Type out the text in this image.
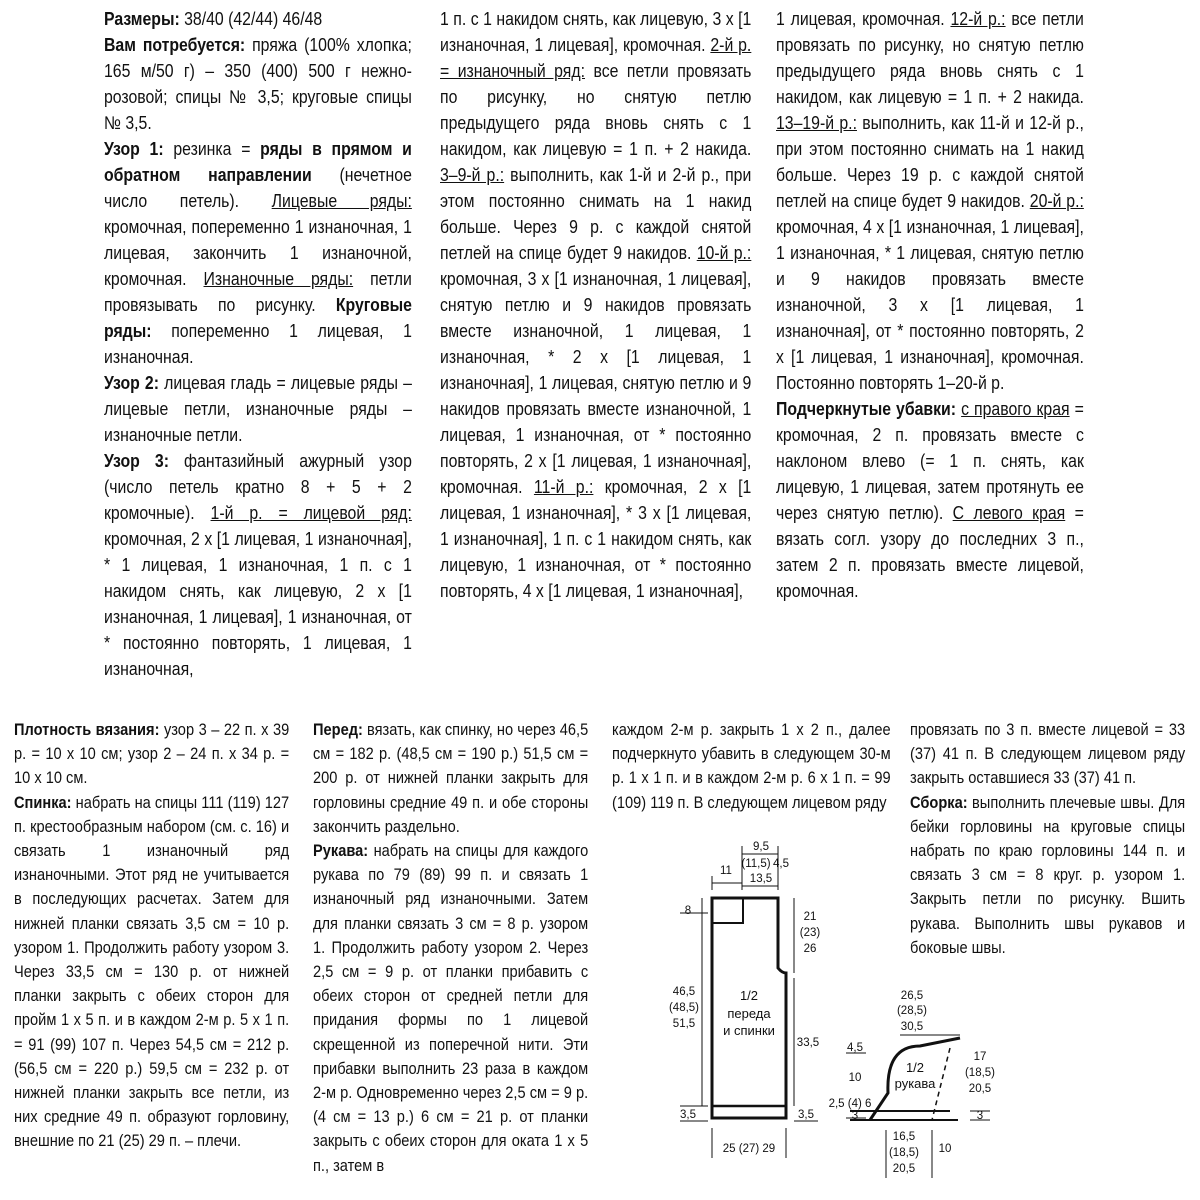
Размеры: 38/40 (42/44) 46/48

Вам потребуется: пряжа (100% хлопка; 165 м/50 г) – 350 (400) 500 г нежно-розовой; спицы № 3,5; круговые спицы № 3,5.

Узор 1: резинка = ряды в прямом и обратном направлении (нечетное число петель). Лицевые ряды: кромочная, попеременно 1 изнаночная, 1 лицевая, закончить 1 изнаночной, кромочная. Изнаночные ряды: петли провязывать по рисунку. Круговые ряды: попеременно 1 лицевая, 1 изнаночная.

Узор 2: лицевая гладь = лицевые ряды – лицевые петли, изнаночные ряды – изнаночные петли.

Узор 3: фантазийный ажурный узор (число петель кратно 8 + 5 + 2 кромочные). 1-й р. = лицевой ряд: кромочная, 2 х [1 лицевая, 1 изнаночная], * 1 лицевая, 1 изнаночная, 1 п. с 1 накидом снять, как лицевую, 2 х [1 изнаночная, 1 лицевая], 1 изнаночная, от * постоянно повторять, 1 лицевая, 1 изнаночная,

1 п. с 1 накидом снять, как лицевую, 3 х [1 изнаночная, 1 лицевая], кромочная. 2-й р. = изнаночный ряд: все петли провязать по рисунку, но снятую петлю предыдущего ряда вновь снять с 1 накидом, как лицевую = 1 п. + 2 накида. 3–9-й р.: выполнить, как 1-й и 2-й р., при этом постоянно снимать на 1 накид больше. Через 9 р. с каждой снятой петлей на спице будет 9 накидов. 10-й р.: кромочная, 3 х [1 изнаночная, 1 лицевая], снятую петлю и 9 накидов провязать вместе изнаночной, 1 лицевая, 1 изнаночная, * 2 х [1 лицевая, 1 изнаночная], 1 лицевая, снятую петлю и 9 накидов провязать вместе изнаночной, 1 лицевая, 1 изнаночная, от * постоянно повторять, 2 х [1 лицевая, 1 изнаночная], кромочная. 11-й р.: кромочная, 2 х [1 лицевая, 1 изнаночная], * 3 х [1 лицевая, 1 изнаночная], 1 п. с 1 накидом снять, как лицевую, 1 изнаночная, от * постоянно повторять, 4 х [1 лицевая, 1 изнаночная],

1 лицевая, кромочная. 12-й р.: все петли провязать по рисунку, но снятую петлю предыдущего ряда вновь снять с 1 накидом, как лицевую = 1 п. + 2 накида. 13–19-й р.: выполнить, как 11-й и 12-й р., при этом постоянно снимать на 1 накид больше. Через 19 р. с каждой снятой петлей на спице будет 9 накидов. 20-й р.: кромочная, 4 х [1 изнаночная, 1 лицевая], 1 изнаночная, * 1 лицевая, снятую петлю и 9 накидов провязать вместе изнаночной, 3 х [1 лицевая, 1 изнаночная], от * постоянно повторять, 2 х [1 лицевая, 1 изнаночная], кромочная. Постоянно повторять 1–20-й р.

Подчеркнутые убавки: с правого края = кромочная, 2 п. провязать вместе с наклоном влево (= 1 п. снять, как лицевую, 1 лицевая, затем протянуть ее через снятую петлю). С левого края = вязать согл. узору до последних 3 п., затем 2 п. провязать вместе лицевой, кромочная.

Плотность вязания: узор 3 – 22 п. х 39 р. = 10 х 10 см; узор 2 – 24 п. х 34 р. = 10 х 10 см.

Спинка: набрать на спицы 111 (119) 127 п. крестообразным набором (см. с. 16) и связать 1 изнаночный ряд изнаночными. Этот ряд не учитывается в последующих расчетах. Затем для нижней планки связать 3,5 см = 10 р. узором 1. Продолжить работу узором 3. Через 33,5 см = 130 р. от нижней планки закрыть с обеих сторон для пройм 1 х 5 п. и в каждом 2-м р. 5 х 1 п. = 91 (99) 107 п. Через 54,5 см = 212 р. (56,5 см = 220 р.) 59,5 см = 232 р. от нижней планки закрыть все петли, из них средние 49 п. образуют горловину, внешние по 21 (25) 29 п. – плечи.

Перед: вязать, как спинку, но через 46,5 см = 182 р. (48,5 см = 190 р.) 51,5 см = 200 р. от нижней планки закрыть для горловины средние 49 п. и обе стороны закончить раздельно.

Рукава: набрать на спицы для каждого рукава по 79 (89) 99 п. и связать 1 изнаночный ряд изнаночными. Затем для планки связать 3 см = 8 р. узором 1. Продолжить работу узором 2. Через 2,5 см = 9 р. от планки прибавить с обеих сторон от средней петли для придания формы по 1 лицевой скрещенной из поперечной нити. Эти прибавки выполнить 23 раза в каждом 2-м р. Одновременно через 2,5 см = 9 р. (4 см = 13 р.) 6 см = 21 р. от планки закрыть с обеих сторон для оката 1 х 5 п., затем в

каждом 2-м р. закрыть 1 х 2 п., далее подчеркнуто убавить в следующем 30-м р. 1 х 1 п. и в каждом 2-м р. 6 х 1 п. = 99 (109) 119 п. В следующем лицевом ряду

провязать по 3 п. вместе лицевой = 33 (37) 41 п. В следующем лицевом ряду закрыть оставшиеся 33 (37) 41 п.

Сборка: выполнить плечевые швы. Для бейки горловины на круговые спицы набрать по краю горловины 144 п. и связать 3 см = 8 круг. р. узором 1. Закрыть петли по рисунку. Вшить рукава. Выполнить швы рукавов и боковые швы.

11
9,5
(11,5) 4,5
13,5
8	21
(23)
26
46,5
(48,5)
51,5
1/2
переда
и спинки
33,5
3,5	3,5
25 (27) 29
26,5
(28,5)
30,5
4,5
10
2,5 (4) 6
3
1/2
рукава
17
(18,5)
20,5
3
16,5
(18,5)
20,5
10
